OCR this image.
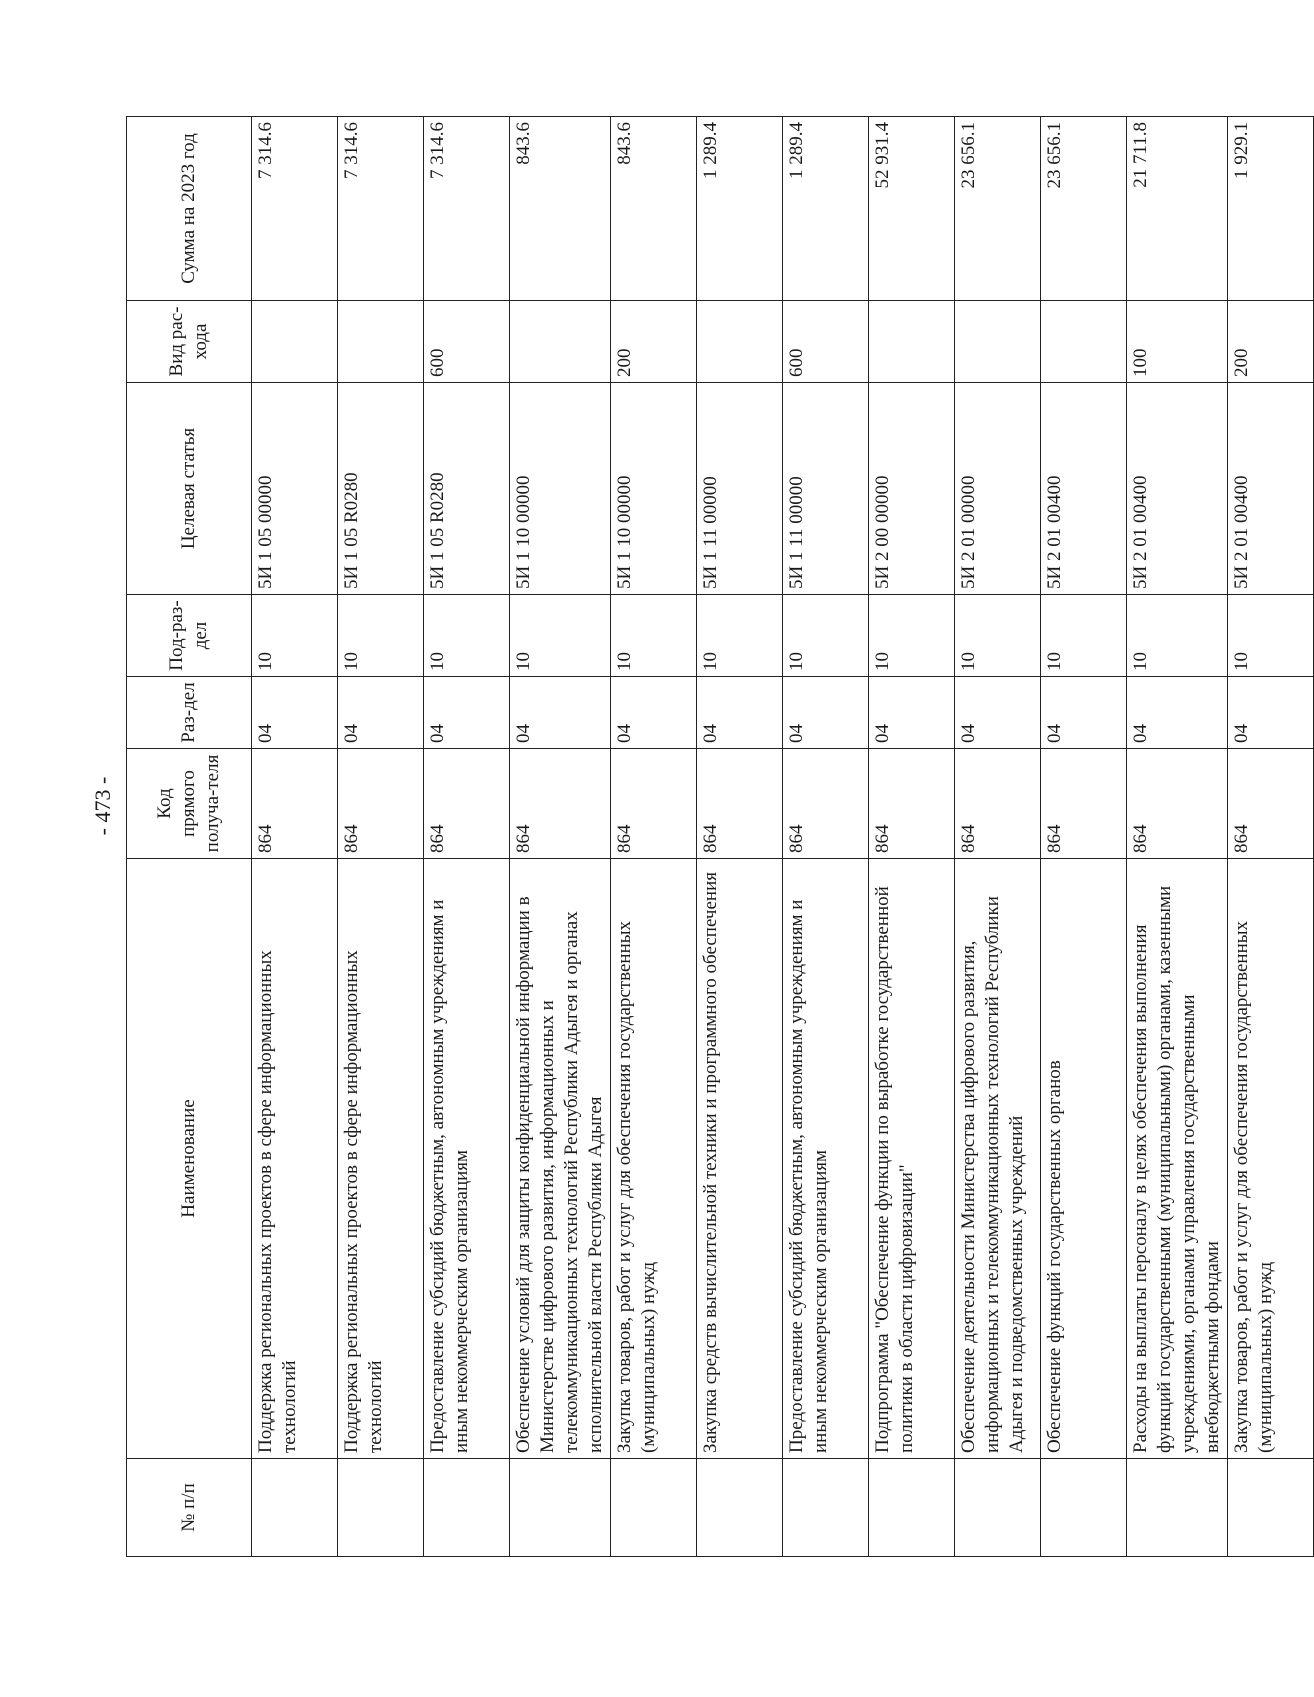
- 473 -
№ п/п	Наименование	Код прямого получа-теля	Раз-дел	Под-раз-дел	Целевая статья	Вид рас-хода	Сумма на 2023 год
	Поддержка региональных проектов в сфере информационных технологий	864	04	10	5И 1 05 00000		7 314.6
	Поддержка региональных проектов в сфере информационных технологий	864	04	10	5И 1 05 R0280		7 314.6
	Предоставление субсидий бюджетным, автономным учреждениям и иным некоммерческим организациям	864	04	10	5И 1 05 R0280	600	7 314.6
	Обеспечение условий для защиты конфиденциальной информации в Министерстве цифрового развития, информационных и телекоммуникационных технологий Республики Адыгея и органах исполнительной власти Республики Адыгея	864	04	10	5И 1 10 00000		843.6
	Закупка товаров, работ и услуг для обеспечения государственных (муниципальных) нужд	864	04	10	5И 1 10 00000	200	843.6
	Закупка средств вычислительной техники и программного обеспечения	864	04	10	5И 1 11 00000		1 289.4
	Предоставление субсидий бюджетным, автономным учреждениям и иным некоммерческим организациям	864	04	10	5И 1 11 00000	600	1 289.4
	Подпрограмма "Обеспечение функции по выработке государственной политики в области цифровизации"	864	04	10	5И 2 00 00000		52 931.4
	Обеспечение деятельности Министерства цифрового развития, информационных и телекоммуникационных технологий Республики Адыгея и подведомственных учреждений	864	04	10	5И 2 01 00000		23 656.1
	Обеспечение функций государственных органов	864	04	10	5И 2 01 00400		23 656.1
	Расходы на выплаты персоналу в целях обеспечения выполнения функций государственными (муниципальными) органами, казенными учреждениями, органами управления государственными внебюджетными фондами	864	04	10	5И 2 01 00400	100	21 711.8
	Закупка товаров, работ и услуг для обеспечения государственных (муниципальных) нужд	864	04	10	5И 2 01 00400	200	1 929.1
